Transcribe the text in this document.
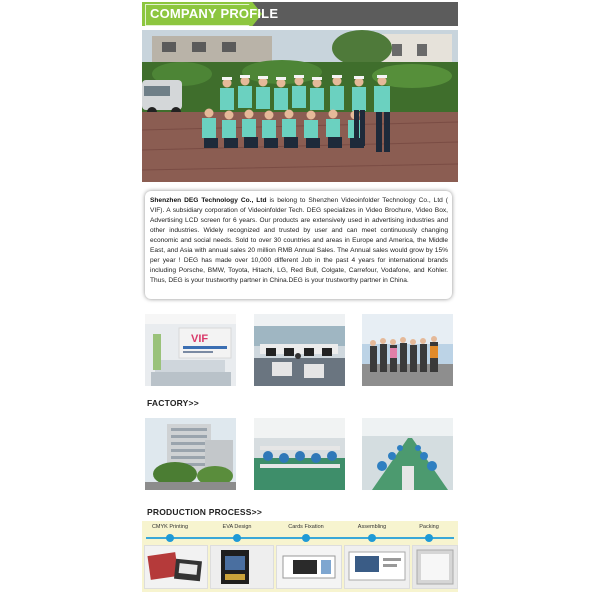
COMPANY PROFILE
Shenzhen DEG Technology Co., Ltd is belong to Shenzhen Videoinfolder Technology Co., Ltd ( VIF). A subsidiary corporation of Videoinfolder Tech. DEG specializes in Video Brochure, Video Box, Advertising LCD screen for 6 years. Our products are extensively used in advertising industries and other industries. Widely recognized and trusted by user and can meet continuously changing economic and social needs. Sold to over 30 countries and areas in Europe and America, the Middle East, and Asia with annual sales 20 million RMB Annual Sales. The Annual sales would grow by 15% per year ! DEG has made over 10,000 different Job in the past 4 years for international brands including Porsche, BMW, Toyota, Hitachi, LG, Red Bull, Colgate, Carrefour, Vodafone, and Kohler. Thus, DEG is your trustworthy partner in China.DEG is your trustworthy partner in China.
VIF
FACTORY>>
PRODUCTION PROCESS>>
CMYK Printing	EVA Design	Cards Fixation	Assembling	Packing
